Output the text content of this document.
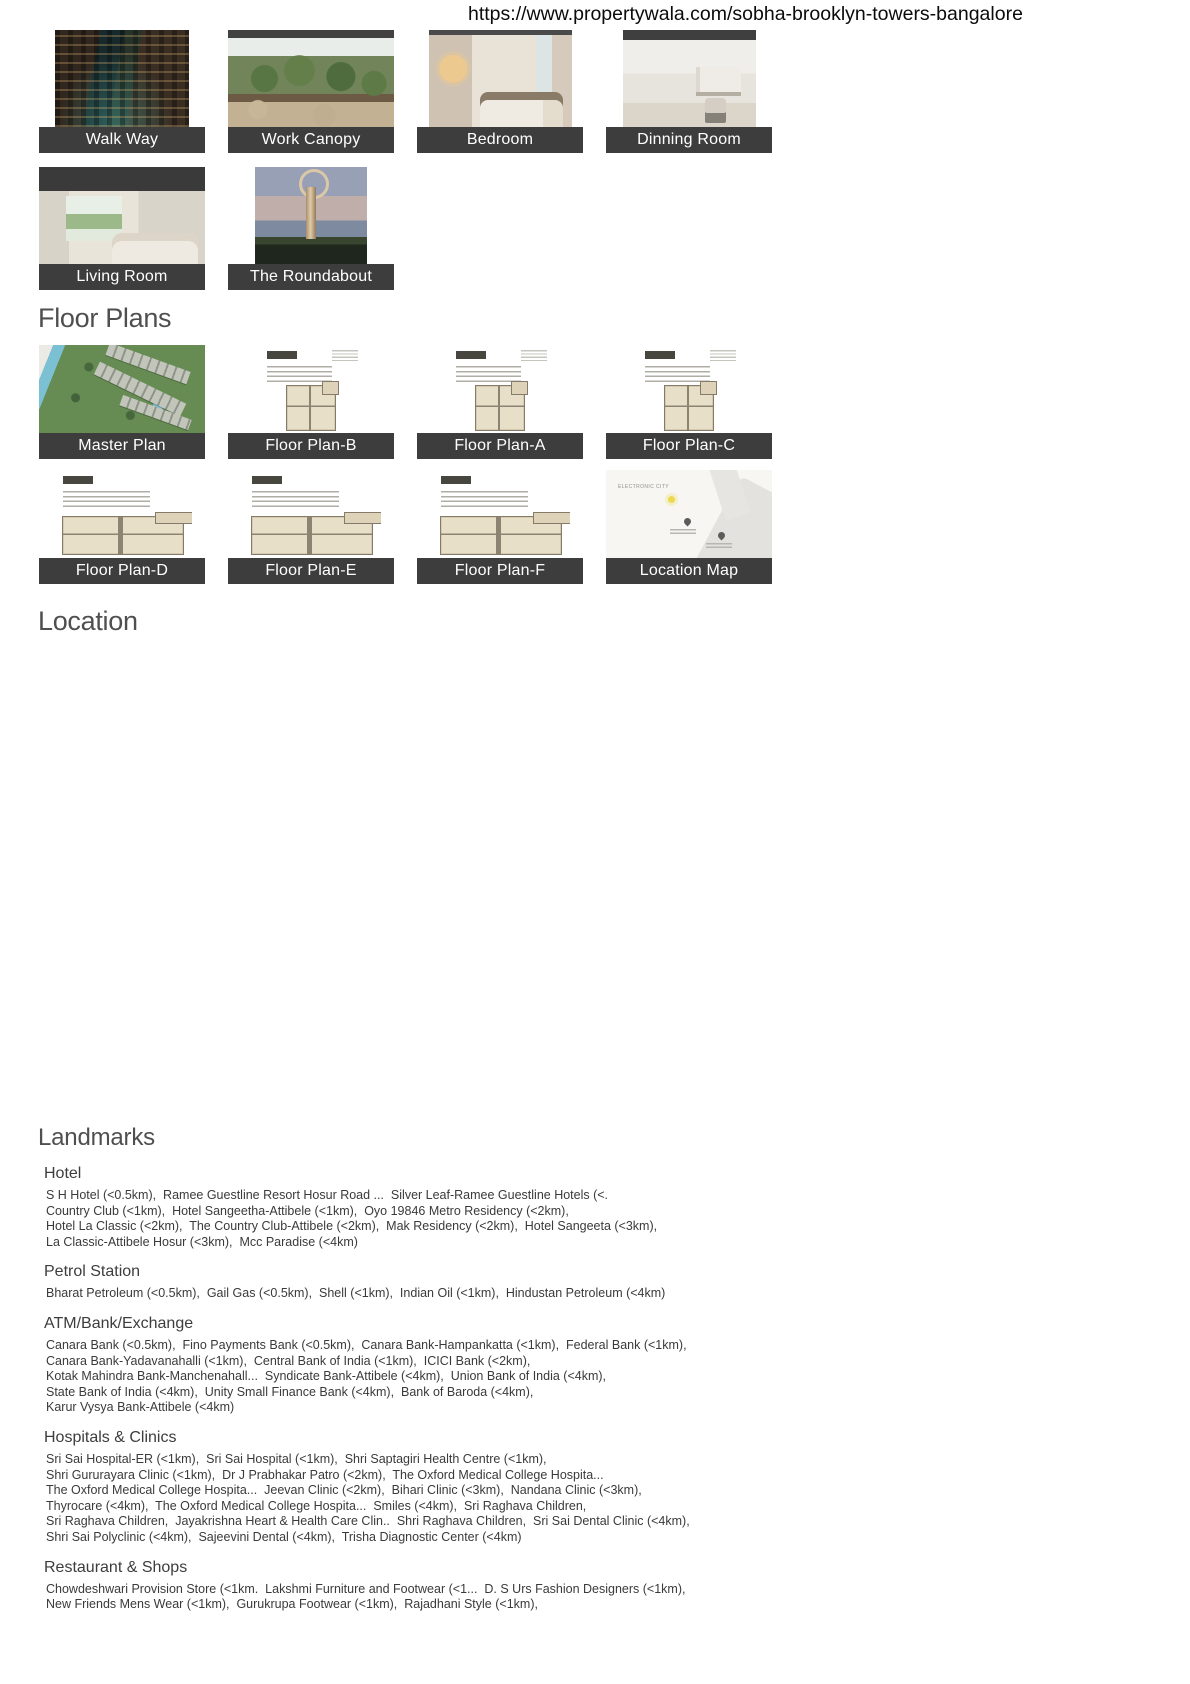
https://www.propertywala.com/sobha-brooklyn-towers-bangalore
Walk Way	Work Canopy	Bedroom	Dinning Room
Living Room	The Roundabout
Floor Plans
Master Plan	Floor Plan-B	Floor Plan-A	Floor Plan-C
Floor Plan-D	Floor Plan-E	Floor Plan-F
ELECTRONIC CITY
Location Map
Location
Landmarks
Hotel
S H Hotel (<0.5km),  Ramee Guestline Resort Hosur Road ...  Silver Leaf-Ramee Guestline Hotels (<.
Country Club (<1km),  Hotel Sangeetha-Attibele (<1km),  Oyo 19846 Metro Residency (<2km),
Hotel La Classic (<2km),  The Country Club-Attibele (<2km),  Mak Residency (<2km),  Hotel Sangeeta (<3km),
La Classic-Attibele Hosur (<3km),  Mcc Paradise (<4km)
Petrol Station
Bharat Petroleum (<0.5km),  Gail Gas (<0.5km),  Shell (<1km),  Indian Oil (<1km),  Hindustan Petroleum (<4km)
ATM/Bank/Exchange
Canara Bank (<0.5km),  Fino Payments Bank (<0.5km),  Canara Bank-Hampankatta (<1km),  Federal Bank (<1km),
Canara Bank-Yadavanahalli (<1km),  Central Bank of India (<1km),  ICICI Bank (<2km),
Kotak Mahindra Bank-Manchenahall...  Syndicate Bank-Attibele (<4km),  Union Bank of India (<4km),
State Bank of India (<4km),  Unity Small Finance Bank (<4km),  Bank of Baroda (<4km),
Karur Vysya Bank-Attibele (<4km)
Hospitals & Clinics
Sri Sai Hospital-ER (<1km),  Sri Sai Hospital (<1km),  Shri Saptagiri Health Centre (<1km),
Shri Gururayara Clinic (<1km),  Dr J Prabhakar Patro (<2km),  The Oxford Medical College Hospita...
The Oxford Medical College Hospita...  Jeevan Clinic (<2km),  Bihari Clinic (<3km),  Nandana Clinic (<3km),
Thyrocare (<4km),  The Oxford Medical College Hospita...  Smiles (<4km),  Sri Raghava Children,
Sri Raghava Children,  Jayakrishna Heart & Health Care Clin..  Shri Raghava Children,  Sri Sai Dental Clinic (<4km),
Shri Sai Polyclinic (<4km),  Sajeevini Dental (<4km),  Trisha Diagnostic Center (<4km)
Restaurant & Shops
Chowdeshwari Provision Store (<1km.  Lakshmi Furniture and Footwear (<1...  D. S Urs Fashion Designers (<1km),
New Friends Mens Wear (<1km),  Gurukrupa Footwear (<1km),  Rajadhani Style (<1km),
